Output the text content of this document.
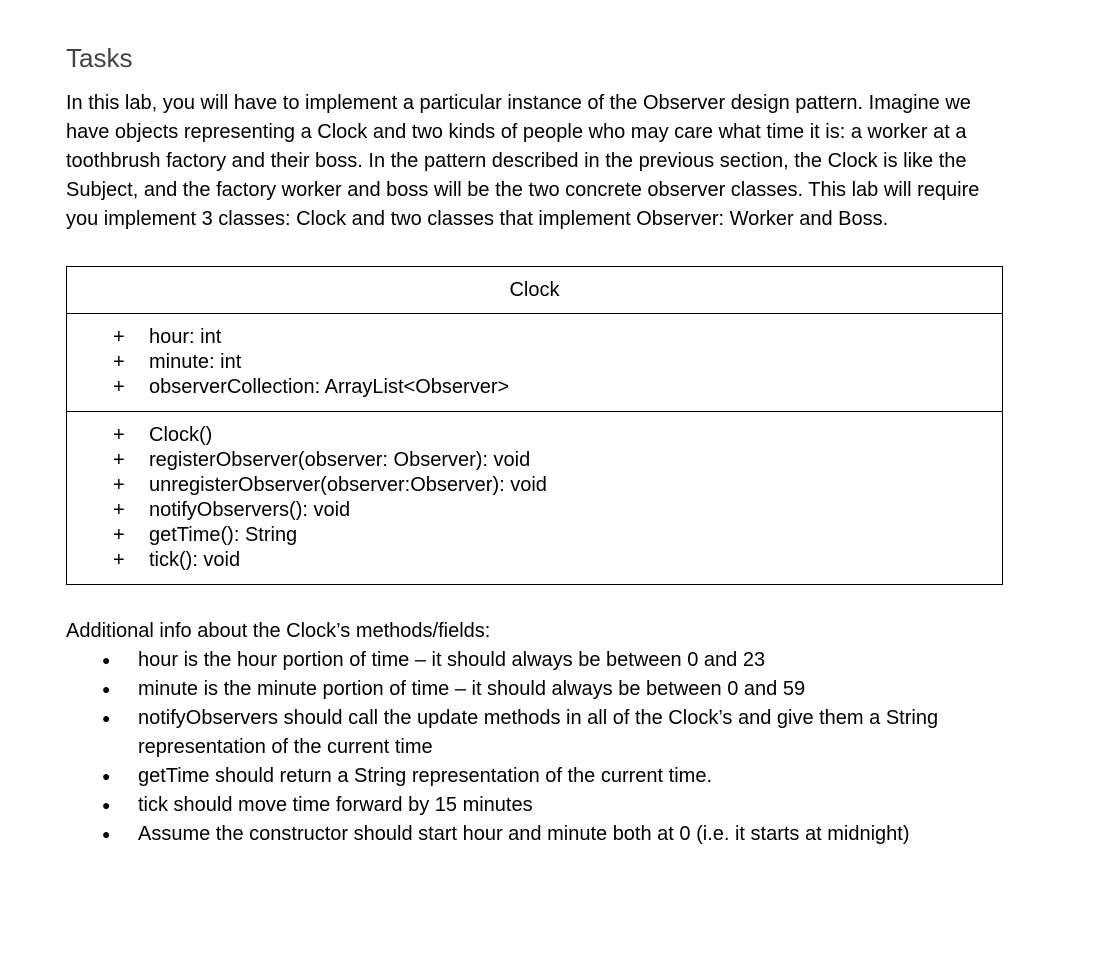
Tasks

In this lab, you will have to implement a particular instance of the Observer design pattern. Imagine we have objects representing a Clock and two kinds of people who may care what time it is: a worker at a toothbrush factory and their boss. In the pattern described in the previous section, the Clock is like the Subject, and the factory worker and boss will be the two concrete observer classes. This lab will require you implement 3 classes: Clock and two classes that implement Observer: Worker and Boss.

Clock
+	hour: int
+	minute: int
+	observerCollection: ArrayList<Observer>
+	Clock()
+	registerObserver(observer: Observer): void
+	unregisterObserver(observer:Observer): void
+	notifyObservers(): void
+	getTime(): String
+	tick(): void
Additional info about the Clock’s methods/fields:
●	hour is the hour portion of time – it should always be between 0 and 23
●	minute is the minute portion of time – it should always be between 0 and 59
●	notifyObservers should call the update methods in all of the Clock’s and give them a String representation of the current time
●	getTime should return a String representation of the current time.
●	tick should move time forward by 15 minutes
●	Assume the constructor should start hour and minute both at 0 (i.e. it starts at midnight)
